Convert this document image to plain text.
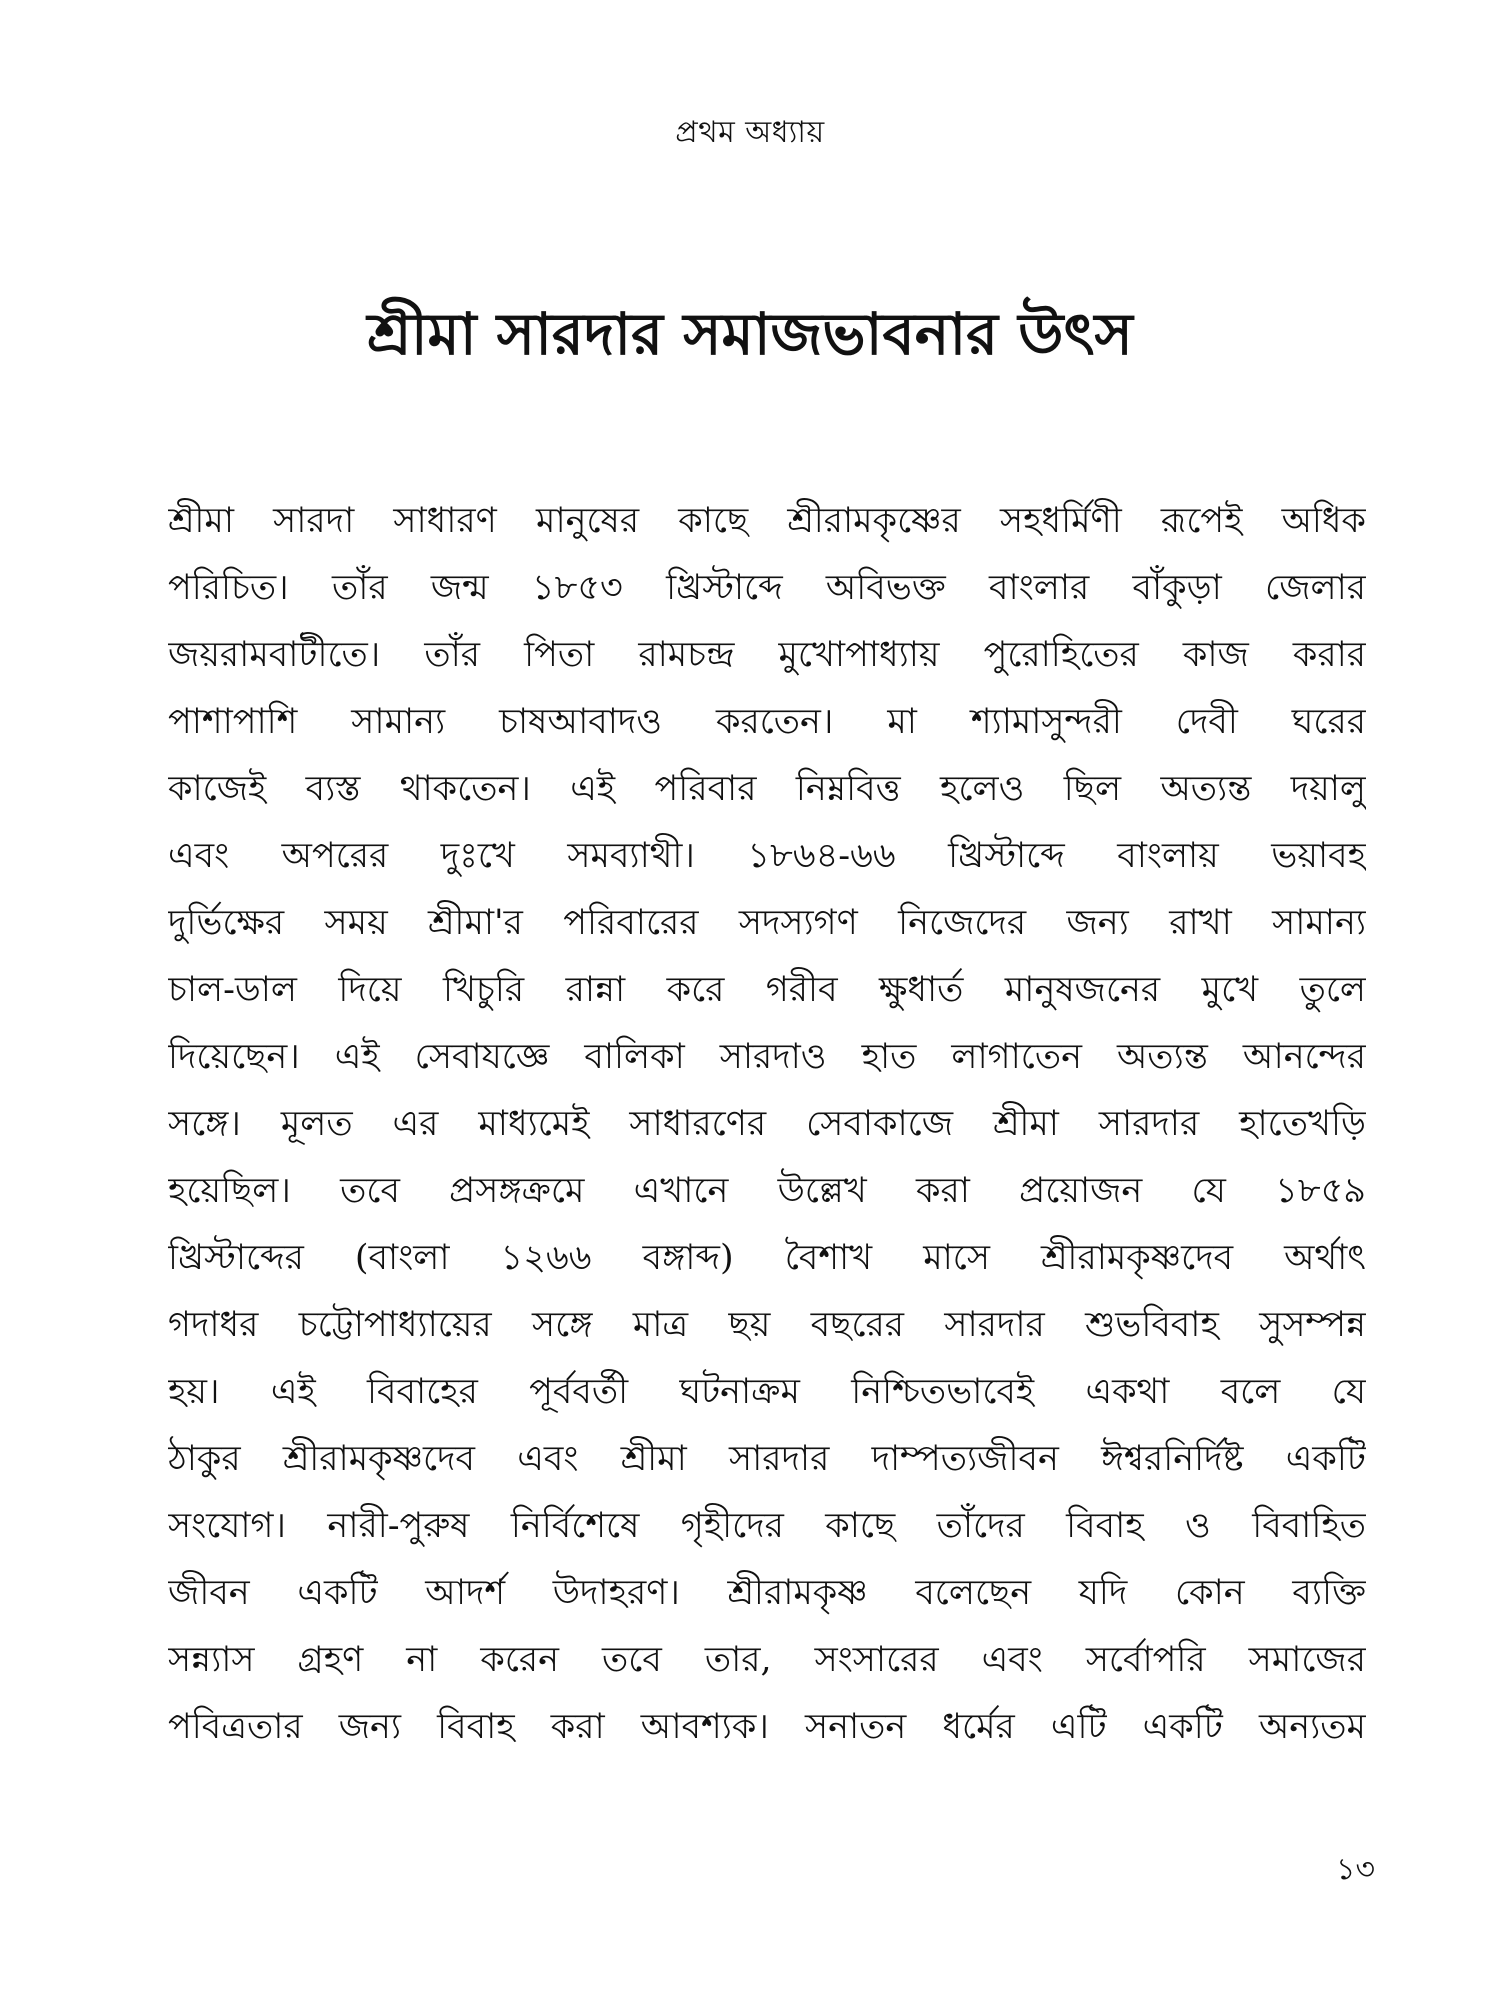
প্রথম অধ্যায়
শ্রীমা সারদার সমাজভাবনার উৎস
শ্রীমা সারদা সাধারণ মানুষের কাছে শ্রীরামকৃষ্ণের সহধর্মিণী রূপেই অধিক
পরিচিত। তাঁর জন্ম ১৮৫৩ খ্রিস্টাব্দে অবিভক্ত বাংলার বাঁকুড়া জেলার
জয়রামবাটীতে। তাঁর পিতা রামচন্দ্র মুখোপাধ্যায় পুরোহিতের কাজ করার
পাশাপাশি সামান্য চাষআবাদও করতেন। মা শ্যামাসুন্দরী দেবী ঘরের
কাজেই ব্যস্ত থাকতেন। এই পরিবার নিম্নবিত্ত হলেও ছিল অত্যন্ত দয়ালু
এবং অপরের দুঃখে সমব্যাথী। ১৮৬৪-৬৬ খ্রিস্টাব্দে বাংলায় ভয়াবহ
দুর্ভিক্ষের সময় শ্রীমা'র পরিবারের সদস্যগণ নিজেদের জন্য রাখা সামান্য
চাল-ডাল দিয়ে খিচুরি রান্না করে গরীব ক্ষুধার্ত মানুষজনের মুখে তুলে
দিয়েছেন। এই সেবাযজ্ঞে বালিকা সারদাও হাত লাগাতেন অত্যন্ত আনন্দের
সঙ্গে। মূলত এর মাধ্যমেই সাধারণের সেবাকাজে শ্রীমা সারদার হাতেখড়ি
হয়েছিল। তবে প্রসঙ্গক্রমে এখানে উল্লেখ করা প্রয়োজন যে ১৮৫৯
খ্রিস্টাব্দের (বাংলা ১২৬৬ বঙ্গাব্দ) বৈশাখ মাসে শ্রীরামকৃষ্ণদেব অর্থাৎ
গদাধর চট্টোপাধ্যায়ের সঙ্গে মাত্র ছয় বছরের সারদার শুভবিবাহ সুসম্পন্ন
হয়। এই বিবাহের পূর্ববর্তী ঘটনাক্রম নিশ্চিতভাবেই একথা বলে যে
ঠাকুর শ্রীরামকৃষ্ণদেব এবং শ্রীমা সারদার দাম্পত্যজীবন ঈশ্বরনির্দিষ্ট একটি
সংযোগ। নারী-পুরুষ নির্বিশেষে গৃহীদের কাছে তাঁদের বিবাহ ও বিবাহিত
জীবন একটি আদর্শ উদাহরণ। শ্রীরামকৃষ্ণ বলেছেন যদি কোন ব্যক্তি
সন্ন্যাস গ্রহণ না করেন তবে তার, সংসারের এবং সর্বোপরি সমাজের
পবিত্রতার জন্য বিবাহ করা আবশ্যক। সনাতন ধর্মের এটি একটি অন্যতম
১৩
